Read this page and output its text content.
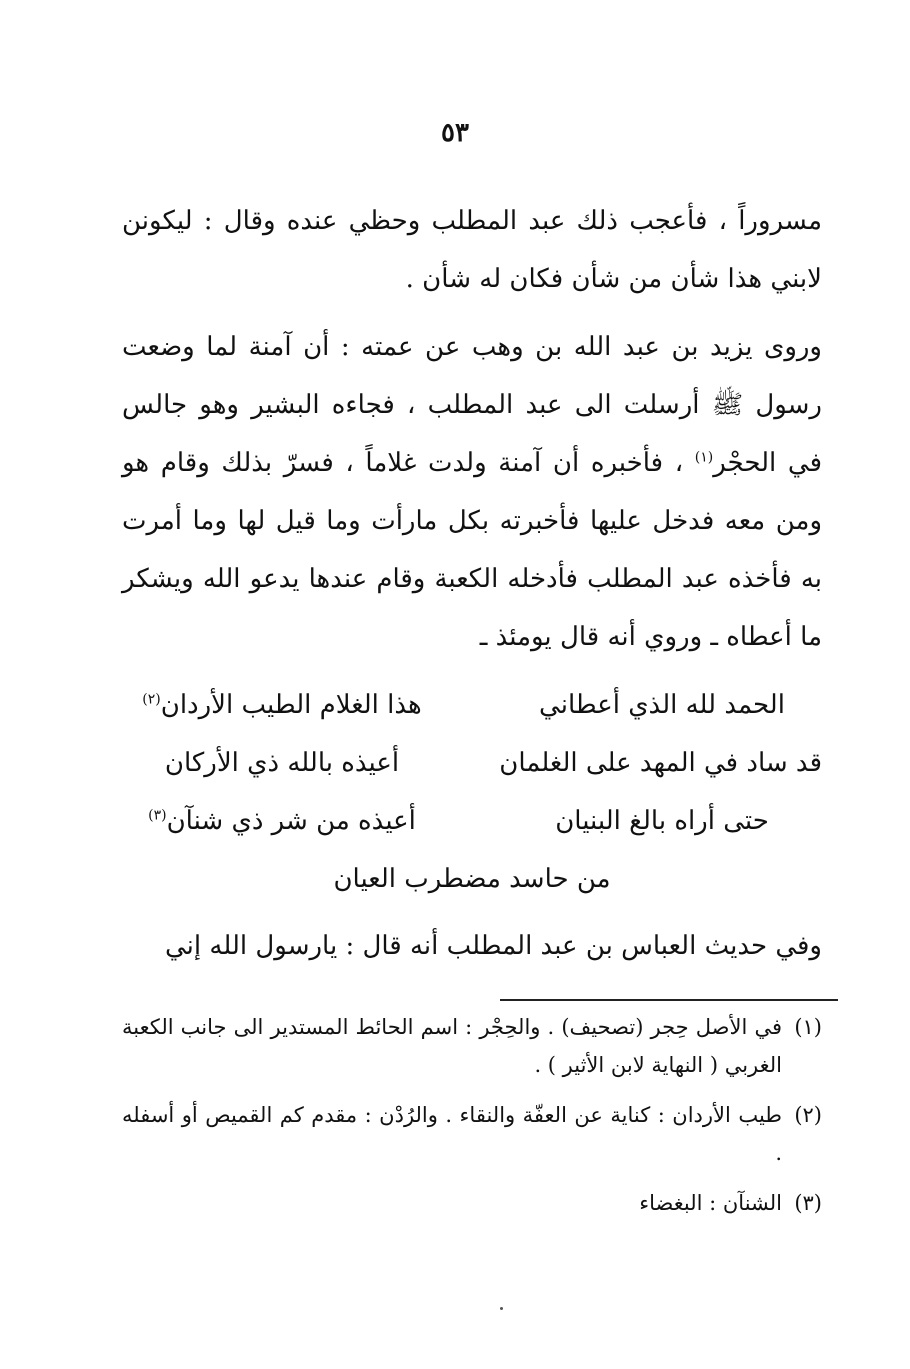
٥٣
مسروراً ، فأعجب ذلك عبد المطلب وحظي عنده وقال : ليكونن لابني هذا شأن من شأن فكان له شأن .
وروى يزيد بن عبد الله بن وهب عن عمته : أن آمنة لما وضعت رسول ﷺ أرسلت الى عبد المطلب ، فجاءه البشير وهو جالس في الحجْر$^{(١)}$ ، فأخبره أن آمنة ولدت غلاماً ، فسرّ بذلك وقام هو ومن معه فدخل عليها فأخبرته بكل مارأت وما قيل لها وما أمرت به فأخذه عبد المطلب فأدخله الكعبة وقام عندها يدعو الله ويشكر ما أعطاه ـ وروي أنه قال يومئذ ـ
الحمد لله الذي أعطاني
هذا الغلام الطيب الأردان$^{(٢)}$
قد ساد في المهد على الغلمان
أعيذه بالله ذي الأركان
حتى أراه بالغ البنيان
أعيذه من شر ذي شنآن$^{(٣)}$
من حاسد مضطرب العيان
وفي حديث العباس بن عبد المطلب أنه قال : يارسول الله إني
(١)
في الأصل حِجر (تصحيف) . والحِجْر : اسم الحائط المستدير الى جانب الكعبة الغربي ( النهاية لابن الأثير ) .
(٢)
طيب الأردان : كناية عن العفّة والنقاء . والرُدْن : مقدم كم القميص أو أسفله .
(٣)
الشنآن : البغضاء
